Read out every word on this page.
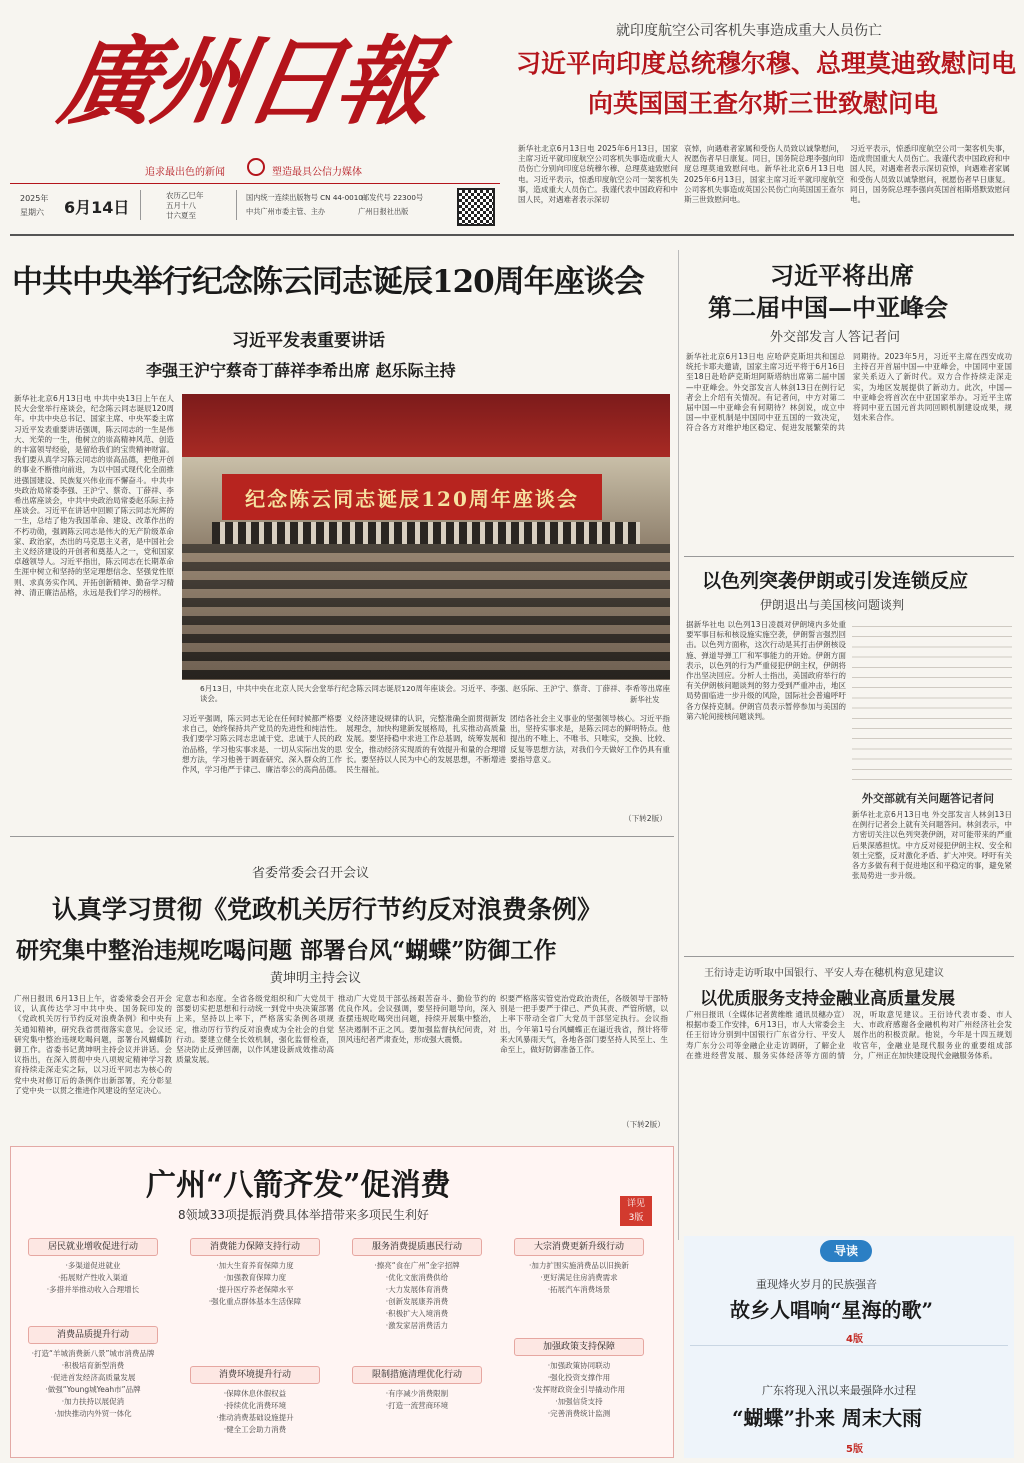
廣州日報
追求最出色的新闻	塑造最具公信力媒体
2025年
星期六 6月14日
农历乙巳年
五月十八
廿六夏至
国内统一连续出版物号 CN 44-0010 邮发代号 22300号
中共广州市委主管、主办	广州日报社出版
就印度航空公司客机失事造成重大人员伤亡
习近平向印度总统穆尔穆、总理莫迪致慰问电
向英国国王查尔斯三世致慰问电
新华社北京6月13日电 2025年6月13日，国家主席习近平就印度航空公司客机失事造成重大人员伤亡分别向印度总统穆尔穆、总理莫迪致慰问电。习近平表示，惊悉印度航空公司一架客机失事，造成重大人员伤亡。我谨代表中国政府和中国人民，对遇难者表示深切
哀悼，向遇难者家属和受伤人员致以诚挚慰问，祝愿伤者早日康复。同日，国务院总理李强向印度总理莫迪致慰问电。新华社北京6月13日电 2025年6月13日，国家主席习近平就印度航空公司客机失事造成英国公民伤亡向英国国王查尔斯三世致慰问电。
习近平表示，惊悉印度航空公司一架客机失事，造成贵国重大人员伤亡。我谨代表中国政府和中国人民，对遇难者表示深切哀悼，向遇难者家属和受伤人员致以诚挚慰问，祝愿伤者早日康复。同日，国务院总理李强向英国首相斯塔默致慰问电。
中共中央举行纪念陈云同志诞辰120周年座谈会
习近平发表重要讲话
李强王沪宁蔡奇丁薛祥李希出席 赵乐际主持
新华社北京6月13日电 中共中央13日上午在人民大会堂举行座谈会，纪念陈云同志诞辰120周年。中共中央总书记、国家主席、中央军委主席习近平发表重要讲话强调，陈云同志的一生是伟大、光荣的一生，他树立的崇高精神风范、创造的丰富领导经验，是留给我们的宝贵精神财富。我们要从真学习陈云同志的崇高品德，把他开创的事业不断推向前进，为以中国式现代化全面推进强国建设、民族复兴伟业而不懈奋斗。中共中央政治局常委李强、王沪宁、蔡奇、丁薛祥、李希出席座谈会，中共中央政治局常委赵乐际主持座谈会。习近平在讲话中回顾了陈云同志光辉的一生，总结了他为我国革命、建设、改革作出的不朽功勋，强调陈云同志是伟大的无产阶级革命家、政治家，杰出的马克思主义者，是中国社会主义经济建设的开创者和奠基人之一，党和国家卓越领导人。习近平指出，陈云同志在长期革命生涯中树立和坚持的坚定理想信念、坚强党性原则、求真务实作风、开拓创新精神、勤奋学习精神、清正廉洁品格，永远是我们学习的榜样。
纪念陈云同志诞辰120周年座谈会
6月13日，中共中央在北京人民大会堂举行纪念陈云同志诞辰120周年座谈会。习近平、李强、赵乐际、王沪宁、蔡奇、丁薛祥、李希等出席座谈会。	新华社发
习近平强调，陈云同志无论在任何时候都严格要求自己，始终保持共产党员的先进性和纯洁性。我们要学习陈云同志忠诚于党、忠诚于人民的政治品格，学习他实事求是、一切从实际出发的思想方法，学习他善于调查研究、深入群众的工作作风，学习他严于律己、廉洁奉公的高尚品德。
义经济建设规律的认识，完整准确全面贯彻新发展理念，加快构建新发展格局，扎实推动高质量发展。要坚持稳中求进工作总基调，统筹发展和安全，推动经济实现质的有效提升和量的合理增长。要坚持以人民为中心的发展思想，不断增进民生福祉。
团结各社会主义事业的坚强领导核心。习近平指出，坚持实事求是，是陈云同志的鲜明特点。他提出的不唯上、不唯书、只唯实，交换、比较、反复等思想方法，对我们今天做好工作仍具有重要指导意义。
（下转2版）
省委常委会召开会议
认真学习贯彻《党政机关厉行节约反对浪费条例》
研究集中整治违规吃喝问题 部署台风“蝴蝶”防御工作
黄坤明主持会议
广州日报讯 6月13日上午，省委常委会召开会议，认真传达学习中共中央、国务院印发的《党政机关厉行节约反对浪费条例》和中央有关通知精神，研究我省贯彻落实意见。会议还研究集中整治违规吃喝问题，部署台风蝴蝶防御工作。省委书记黄坤明主持会议并讲话。会议指出，在深入贯彻中央八项规定精神学习教育持续走深走实之际，以习近平同志为核心的党中央对修订后的条例作出新部署，充分彰显了党中央一以贯之推进作风建设的坚定决心。
定意志和态度。全省各级党组织和广大党员干部要切实把思想和行动统一到党中央决策部署上来，坚持以上率下，严格落实条例各项规定，推动厉行节约反对浪费成为全社会的自觉行动。要建立健全长效机制，强化监督检查，坚决防止反弹回潮，以作风建设新成效推动高质量发展。
推动广大党员干部弘扬艰苦奋斗、勤俭节约的优良作风。会议强调，要坚持问题导向，深入查摆违规吃喝突出问题，持续开展集中整治，坚决遏制不正之风。要加强监督执纪问责，对顶风违纪者严肃查处，形成强大震慑。
织要严格落实管党治党政治责任，各级领导干部特别是一把手要严于律己、严负其责、严管所辖，以上率下带动全省广大党员干部坚定执行。会议指出，今年第1号台风蝴蝶正在逼近我省，预计将带来大风暴雨天气，各地各部门要坚持人民至上、生命至上，做好防御准备工作。
（下转2版）
广州“八箭齐发”促消费
8领域33项提振消费具体举措带来多项民生利好
详见
3版
居民就业增收促进行动
·多渠道促进就业
·拓展财产性收入渠道
·多措并举推动收入合理增长
消费能力保障支持行动
·加大生育养育保障力度
·加强教育保障力度
·提升医疗养老保障水平
·强化重点群体基本生活保障
服务消费提质惠民行动
·擦亮“食在广州”金字招牌
·优化文旅消费供给
·大力发展体育消费
·创新发展康养消费
·积极扩大入境消费
·激发家居消费活力
大宗消费更新升级行动
·加力扩围实施消费品以旧换新
·更好满足住房消费需求
·拓展汽车消费场景
消费品质提升行动
·打造“羊城消费新八景”城市消费品牌
·积极培育新型消费
·促进首发经济高质量发展
·做强“Young城Yeah市”品牌
·加力扶持以展促消
·加快推动内外贸一体化
消费环境提升行动
·保障休息休假权益
·持续优化消费环境
·推动消费基础设施提升
·健全工会助力消费
限制措施清理优化行动
·有序减少消费限制
·打造一流营商环境
加强政策支持保障
·加强政策协同联动
·强化投资支撑作用
·发挥财政资金引导撬动作用
·加强信贷支持
·完善消费统计监测
习近平将出席
第二届中国—中亚峰会
外交部发言人答记者问
新华社北京6月13日电 应哈萨克斯坦共和国总统托卡耶夫邀请，国家主席习近平将于6月16日至18日赴哈萨克斯坦阿斯塔纳出席第二届中国—中亚峰会。外交部发言人林剑13日在例行记者会上介绍有关情况。有记者问，中方对第二届中国—中亚峰会有何期待？林剑说，成立中国—中亚机制是中国同中亚五国的一致决定，符合各方对维护地区稳定、促进发展繁荣的共同期待。2023年5月，习近平主席在西安成功主持召开首届中国—中亚峰会，中国同中亚国家关系迈入了新时代。双方合作持续走深走实，为地区发展提供了新动力。此次，中国—中亚峰会将首次在中亚国家举办。习近平主席将同中亚五国元首共同回顾机制建设成果，规划未来合作。
以色列突袭伊朗或引发连锁反应
伊朗退出与美国核问题谈判
据新华社电 以色列13日凌晨对伊朗境内多处重要军事目标和核设施实施空袭，伊朗誓言强烈回击。以色列方面称，这次行动是其打击伊朗核设施、弹道导弹工厂和军事能力的开始。伊朗方面表示，以色列的行为严重侵犯伊朗主权，伊朗将作出坚决回应。分析人士指出，美国政府举行的有关伊朗核问题谈判的努力受到严重冲击，地区局势面临进一步升级的风险，国际社会普遍呼吁各方保持克制。伊朗官员表示暂停参加与美国的第六轮间接核问题谈判。
外交部就有关问题答记者问
新华社北京6月13日电 外交部发言人林剑13日在例行记者会上就有关问题答问。林剑表示，中方密切关注以色列突袭伊朗，对可能带来的严重后果深感担忧。中方反对侵犯伊朗主权、安全和领土完整，反对激化矛盾、扩大冲突。呼吁有关各方多做有利于促进地区和平稳定的事，避免紧张局势进一步升级。
王衍诗走访听取中国银行、平安人寿在穗机构意见建议
以优质服务支持金融业高质量发展
广州日报讯（全媒体记者黄维维 通讯员穗办宣）根据市委工作安排，6月13日，市人大常委会主任王衍诗分别到中国银行广东省分行、平安人寿广东分公司等金融企业走访调研，了解企业在推进经营发展、服务实体经济等方面的情况，听取意见建议。王衍诗代表市委、市人大、市政府感谢各金融机构对广州经济社会发展作出的积极贡献。他说，今年是十四五规划收官年，金融业是现代服务业的重要组成部分，广州正在加快建设现代金融服务体系。
导读
重现烽火岁月的民族强音
故乡人唱响“星海的歌”
4版
广东将现入汛以来最强降水过程
“蝴蝶”扑来 周末大雨
5版
